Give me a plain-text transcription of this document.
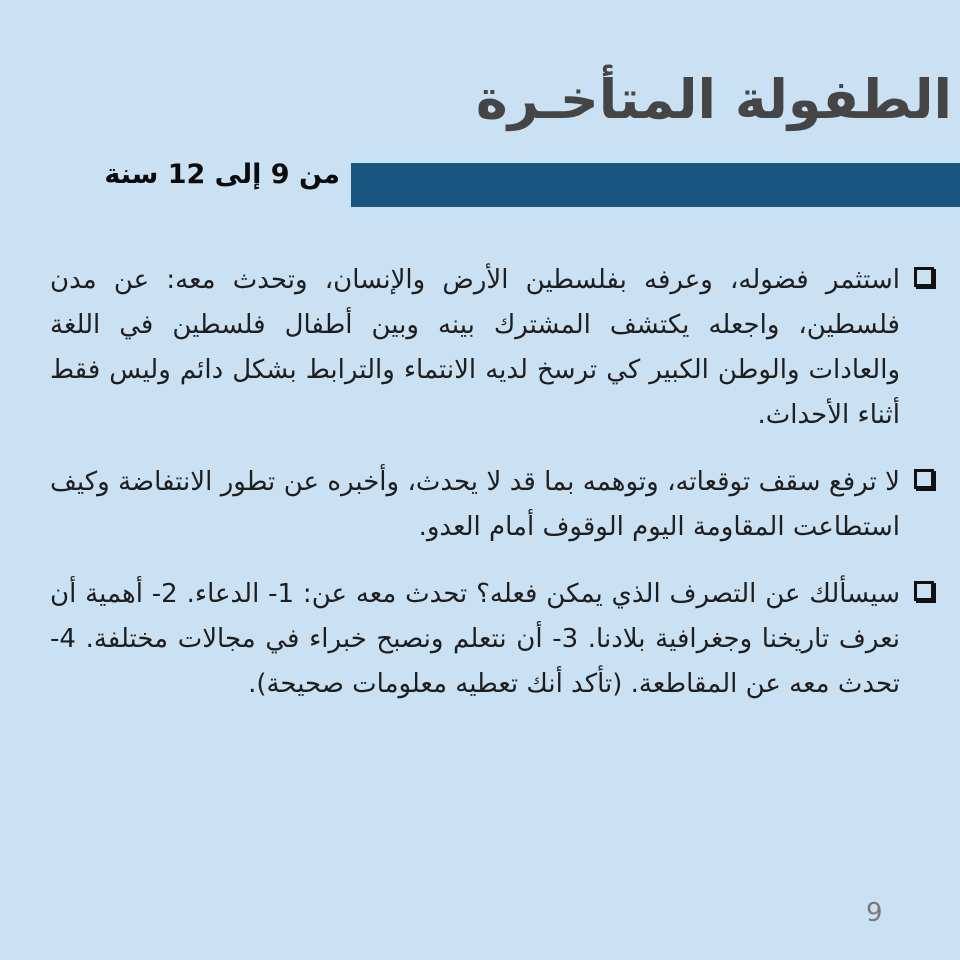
الطفولة المتأخـرة
من 9 إلى 12 سنة
استثمر فضوله، وعرفه بفلسطين الأرض والإنسان، وتحدث معه: عن مدن فلسطين، واجعله يكتشف المشترك بينه وبين أطفال فلسطين في اللغة والعادات والوطن الكبير كي ترسخ لديه الانتماء والترابط بشكل دائم وليس فقط أثناء الأحداث.
لا ترفع سقف توقعاته، وتوهمه بما قد لا يحدث، وأخبره عن تطور الانتفاضة وكيف استطاعت المقاومة اليوم الوقوف أمام العدو.
سيسألك عن التصرف الذي يمكن فعله؟ تحدث معه عن: 1- الدعاء. 2- أهمية أن نعرف تاريخنا وجغرافية بلادنا. 3- أن نتعلم ونصبح خبراء في مجالات مختلفة. 4- تحدث معه عن المقاطعة. (تأكد أنك تعطيه معلومات صحيحة).
9
